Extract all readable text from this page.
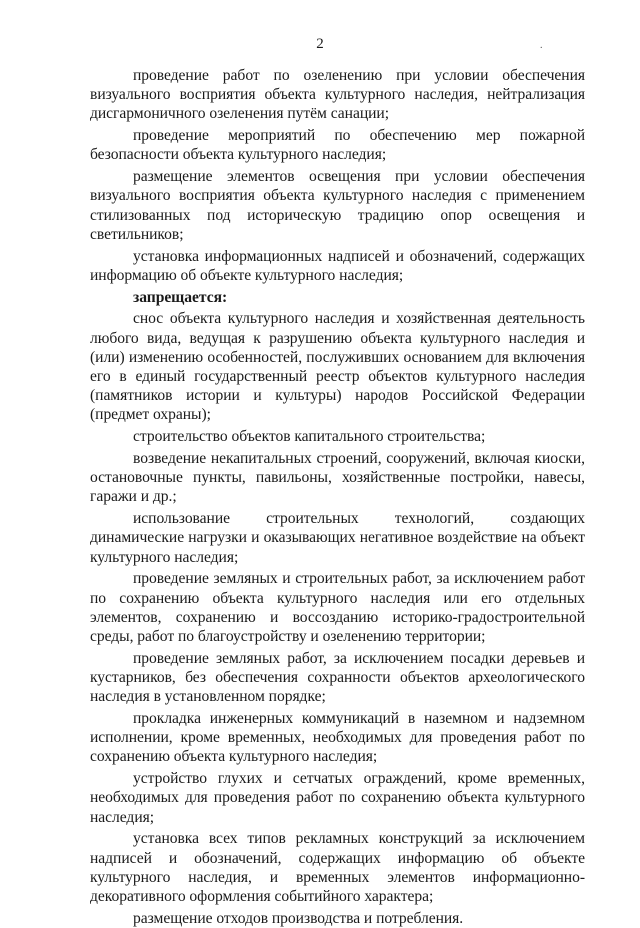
2	.

проведение работ по озеленению при условии обеспечения визуального восприятия объекта культурного наследия, нейтрализация дисгармоничного озеленения путём санации;

проведение мероприятий по обеспечению мер пожарной безопасности объекта культурного наследия;

размещение элементов освещения при условии обеспечения визуального восприятия объекта культурного наследия с применением стилизованных под историческую традицию опор освещения и светильников;

установка информационных надписей и обозначений, содержащих информацию об объекте культурного наследия;

запрещается:

снос объекта культурного наследия и хозяйственная деятельность любого вида, ведущая к разрушению объекта культурного наследия и (или) изменению особенностей, послуживших основанием для включения его в единый государственный реестр объектов культурного наследия (памятников истории и культуры) народов Российской Федерации (предмет охраны);

строительство объектов капитального строительства;

возведение некапитальных строений, сооружений, включая киоски, остановочные пункты, павильоны, хозяйственные постройки, навесы, гаражи и др.;

использование строительных технологий, создающих динамические нагрузки и оказывающих негативное воздействие на объект культурного наследия;

проведение земляных и строительных работ, за исключением работ по сохранению объекта культурного наследия или его отдельных элементов, сохранению и воссозданию историко-градостроительной среды, работ по благоустройству и озеленению территории;

проведение земляных работ, за исключением посадки деревьев и кустарников, без обеспечения сохранности объектов археологического наследия в установленном порядке;

прокладка инженерных коммуникаций в наземном и надземном исполнении, кроме временных, необходимых для проведения работ по сохранению объекта культурного наследия;

устройство глухих и сетчатых ограждений, кроме временных, необходимых для проведения работ по сохранению объекта культурного наследия;

установка всех типов рекламных конструкций за исключением надписей и обозначений, содержащих информацию об объекте культурного наследия, и временных элементов информационно-декоративного оформления событийного характера;

размещение отходов производства и потребления.
